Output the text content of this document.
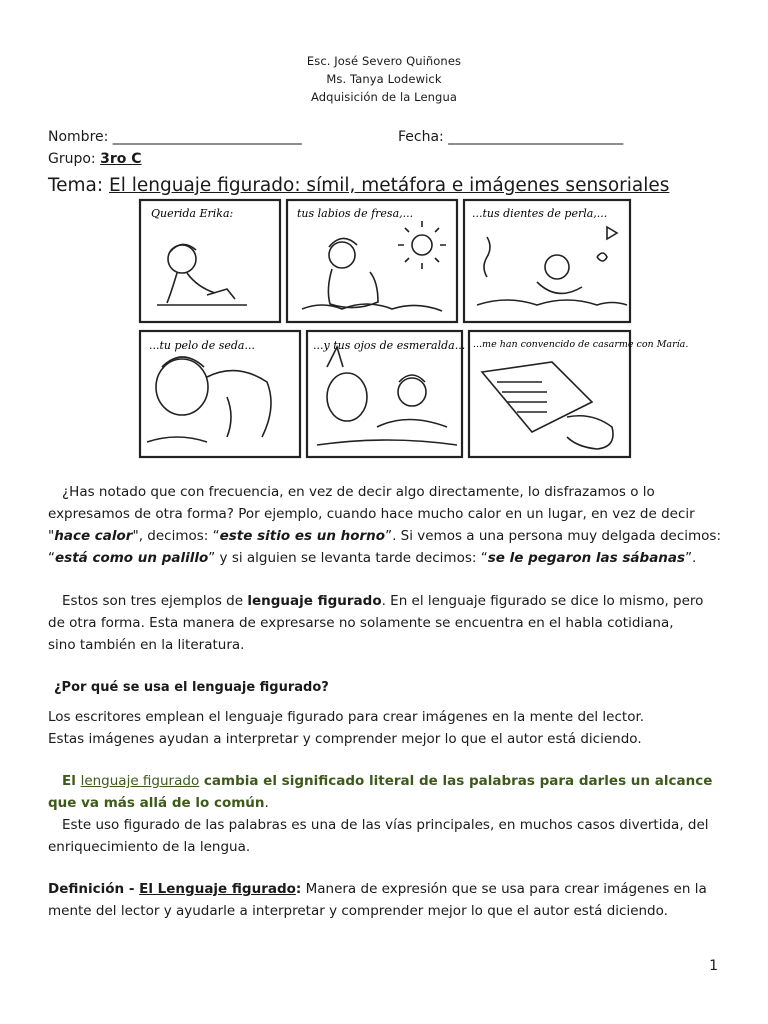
Esc. José Severo Quiñones
Ms. Tanya Lodewick
Adquisición de la Lengua
Nombre: ___________________________	Fecha: _________________________
Grupo: 3ro C
Tema: El lenguaje figurado: símil, metáfora e imágenes sensoriales
Querida Erika:	tus labios de fresa,...	...tus dientes de perla,...
...tu pelo de seda...	...y tus ojos de esmeralda... ...me han convencido de casarme con María.
¿Has notado que con frecuencia, en vez de decir algo directamente, lo disfrazamos o lo
expresamos de otra forma? Por ejemplo, cuando hace mucho calor en un lugar, en vez de decir
"hace calor", decimos: “este sitio es un horno”. Si vemos a una persona muy delgada decimos:
“está como un palillo” y si alguien se levanta tarde decimos: “se le pegaron las sábanas”.
Estos son tres ejemplos de lenguaje figurado. En el lenguaje figurado se dice lo mismo, pero
de otra forma. Esta manera de expresarse no solamente se encuentra en el habla cotidiana,
sino también en la literatura.
¿Por qué se usa el lenguaje figurado?
Los escritores emplean el lenguaje figurado para crear imágenes en la mente del lector.
Estas imágenes ayudan a interpretar y comprender mejor lo que el autor está diciendo.
El lenguaje figurado cambia el significado literal de las palabras para darles un alcance
que va más allá de lo común.
Este uso figurado de las palabras es una de las vías principales, en muchos casos divertida, del
enriquecimiento de la lengua.
Definición - El Lenguaje figurado: Manera de expresión que se usa para crear imágenes en la
mente del lector y ayudarle a interpretar y comprender mejor lo que el autor está diciendo.
1
